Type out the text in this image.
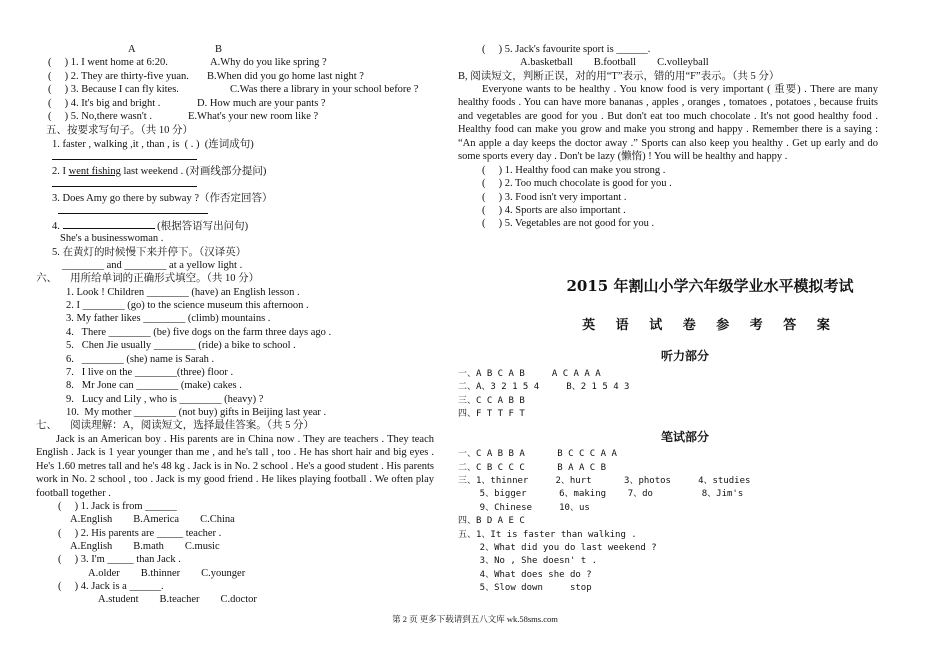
A	B
(     ) 1. I went home at 6:20.	A.Why do you like spring ?
(     ) 2. They are thirty-five yuan. B.When did you go home last night ?
(     ) 3. Because I can fly kites.	C.Was there a library in your school before ?
(     ) 4. It's big and bright .	D. How much are your pants ?
(     ) 5. No,there wasn't .	E.What's your new room like ?
五、按要求写句子。（共 10 分）
1. faster , walking ,it , than , is  ( . )  (连词成句)
2. I went fishing last weekend . (对画线部分提问)
3. Does Amy go there by subway ?（作否定回答）
4.	(根据答语写出问句)
She's a businesswoman .
5. 在黄灯的时候慢下来并停下。（汉译英）
________ and ________ at a yellow light .
六、     用所给单词的正确形式填空。（共 10 分）
1. Look ! Children ________ (have) an English lesson .
2. I ________ (go) to the science museum this afternoon .
3. My father likes ________ (climb) mountains .
4.   There ________ (be) five dogs on the farm three days ago .
5.   Chen Jie usually ________ (ride) a bike to school .
6.   ________ (she) name is Sarah .
7.   I live on the ________(three) floor .
8.   Mr Jone can ________ (make) cakes .
9.   Lucy and Lily , who is ________ (heavy) ?
10.  My mother ________ (not buy) gifts in Beijing last year .
七、     阅读理解：A，阅读短文，选择最佳答案。（共 5 分）
Jack is an American boy . His parents are in China now . They are teachers . They teach English . Jack is 1 year younger than me , and he's tall , too . He has short hair and big eyes . He's 1.60 metres tall and he's 48 kg . Jack is in No. 2 school . He's a good student . His parents work in No. 2 school , too . Jack is my good friend . He likes playing football . We often play football together .
(     ) 1. Jack is from ______
A.English        B.America        C.China
(     ) 2. His parents are _____ teacher .
A.English        B.math        C.music
(     ) 3. I'm _____ than Jack .
A.older        B.thinner        C.younger
(     ) 4. Jack is a ______.
A.student        B.teacher        C.doctor
(     ) 5. Jack's favourite sport is ______.
A.basketball        B.football        C.volleyball
B, 阅读短文，判断正误，对的用“T”表示，错的用“F”表示。（共 5 分）
Everyone wants to be healthy . You know food is very important ( 重要) . There are many healthy foods . You can have more bananas , apples , oranges , tomatoes , potatoes , because fruits and vegetables are good for you . But don't eat too much chocolate . It's not good healthy food . Healthy food can make you grow and make you strong and happy . Remember there is a saying : “An apple a day keeps the doctor away .” Sports can also keep you healthy . Get up early and do some sports every day . Don't be lazy (懒惰) ! You will be healthy and happy .
(     ) 1. Healthy food can make you strong .
(     ) 2. Too much chocolate is good for you .
(     ) 3. Food isn't very important .
(     ) 4. Sports are also important .
(     ) 5. Vegetables are not good for you .
2015 年割山小学六年级学业水平模拟考试
英 语 试 卷 参 考 答 案
听力部分
一、A B C A B     A C A A A
二、A、3 2 1 5 4     B、2 1 5 4 3
三、C C A B B
四、F T T F T
笔试部分
一、C A B B A      B C C C A A
二、C B C C C      B A A C B
三、1、thinner     2、hurt      3、photos     4、studies
5、bigger      6、making    7、do         8、Jim's
9、Chinese     10、us
四、B D A E C
五、1、It is faster than walking .
2、What did you do last weekend ?
3、No , She doesn' t .
4、What does she do ?
5、Slow down     stop
第 2 页 更多下载请到五八文库 wk.58sms.com
